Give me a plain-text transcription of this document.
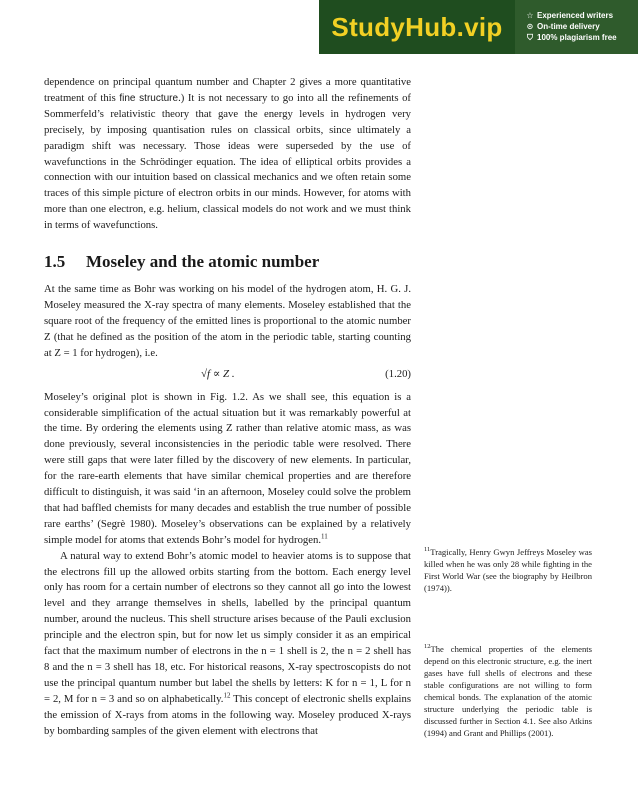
StudyHub.vip	☆ Experienced writers
⊙ On-time delivery
⛉ 100% plagiarism free

dependence on principal quantum number and Chapter 2 gives a more quantitative treatment of this fine structure.) It is not necessary to go into all the refinements of Sommerfeld’s relativistic theory that gave the energy levels in hydrogen very precisely, by imposing quantisation rules on classical orbits, since ultimately a paradigm shift was necessary. Those ideas were superseded by the use of wavefunctions in the Schrödinger equation. The idea of elliptical orbits provides a connection with our intuition based on classical mechanics and we often retain some traces of this simple picture of electron orbits in our minds. However, for atoms with more than one electron, e.g. helium, classical models do not work and we must think in terms of wavefunctions.

1.5 Moseley and the atomic number

At the same time as Bohr was working on his model of the hydrogen atom, H. G. J. Moseley measured the X-ray spectra of many elements. Moseley established that the square root of the frequency of the emitted lines is proportional to the atomic number Z (that he defined as the position of the atom in the periodic table, starting counting at Z = 1 for hydrogen), i.e.

√f ∝ Z .	(1.20)

Moseley’s original plot is shown in Fig. 1.2. As we shall see, this equation is a considerable simplification of the actual situation but it was remarkably powerful at the time. By ordering the elements using Z rather than relative atomic mass, as was done previously, several inconsistencies in the periodic table were resolved. There were still gaps that were later filled by the discovery of new elements. In particular, for the rare-earth elements that have similar chemical properties and are therefore difficult to distinguish, it was said ‘in an afternoon, Moseley could solve the problem that had baffled chemists for many decades and establish the true number of possible rare earths’ (Segrè 1980). Moseley’s observations can be explained by a relatively simple model for atoms that extends Bohr’s model for hydrogen.$^{11}$

A natural way to extend Bohr’s atomic model to heavier atoms is to suppose that the electrons fill up the allowed orbits starting from the bottom. Each energy level only has room for a certain number of electrons so they cannot all go into the lowest level and they arrange themselves in shells, labelled by the principal quantum number, around the nucleus. This shell structure arises because of the Pauli exclusion principle and the electron spin, but for now let us simply consider it as an empirical fact that the maximum number of electrons in the n = 1 shell is 2, the n = 2 shell has 8 and the n = 3 shell has 18, etc. For historical reasons, X-ray spectroscopists do not use the principal quantum number but label the shells by letters: K for n = 1, L for n = 2, M for n = 3 and so on alphabetically.$^{12}$ This concept of electronic shells explains the emission of X-rays from atoms in the following way. Moseley produced X-rays by bombarding samples of the given element with electrons that

$^{11}$Tragically, Henry Gwyn Jeffreys Moseley was killed when he was only 28 while fighting in the First World War (see the biography by Heilbron (1974)).
$^{12}$The chemical properties of the elements depend on this electronic structure, e.g. the inert gases have full shells of electrons and these stable configurations are not willing to form chemical bonds. The explanation of the atomic structure underlying the periodic table is discussed further in Section 4.1. See also Atkins (1994) and Grant and Phillips (2001).
